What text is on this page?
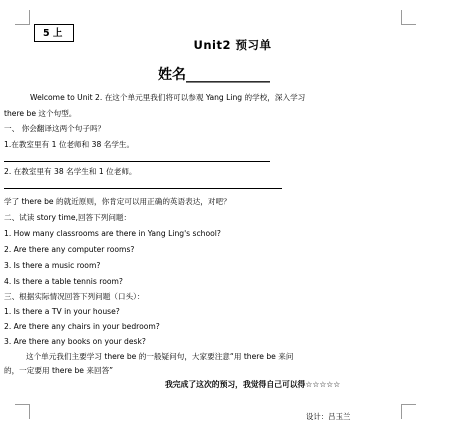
5 上
Unit2 预习单
姓名____________
Welcome to Unit 2. 在这个单元里我们将可以参观 Yang Ling 的学校，深入学习
there be 这个句型。
一、 你会翻译这两个句子吗？
1.在教室里有 1 位老师和 38 名学生。
2. 在教室里有 38 名学生和 1 位老师。
学了 there be 的就近原则，你肯定可以用正确的英语表达，对吧？
二、试读 story time,回答下列问题：
1. How many classrooms are there in Yang Ling's school?
2. Are there any computer rooms?
3. Is there a music room?
4. Is there a table tennis room?
三、根据实际情况回答下列问题（口头）：
1. Is there a TV in your house?
2. Are there any chairs in your bedroom?
3. Are there any books on your desk?
这个单元我们主要学习 there be 的一般疑问句，大家要注意“用 there be 来问
的，一定要用 there be 来回答”
我完成了这次的预习，我觉得自己可以得☆☆☆☆☆
设计：吕玉兰
